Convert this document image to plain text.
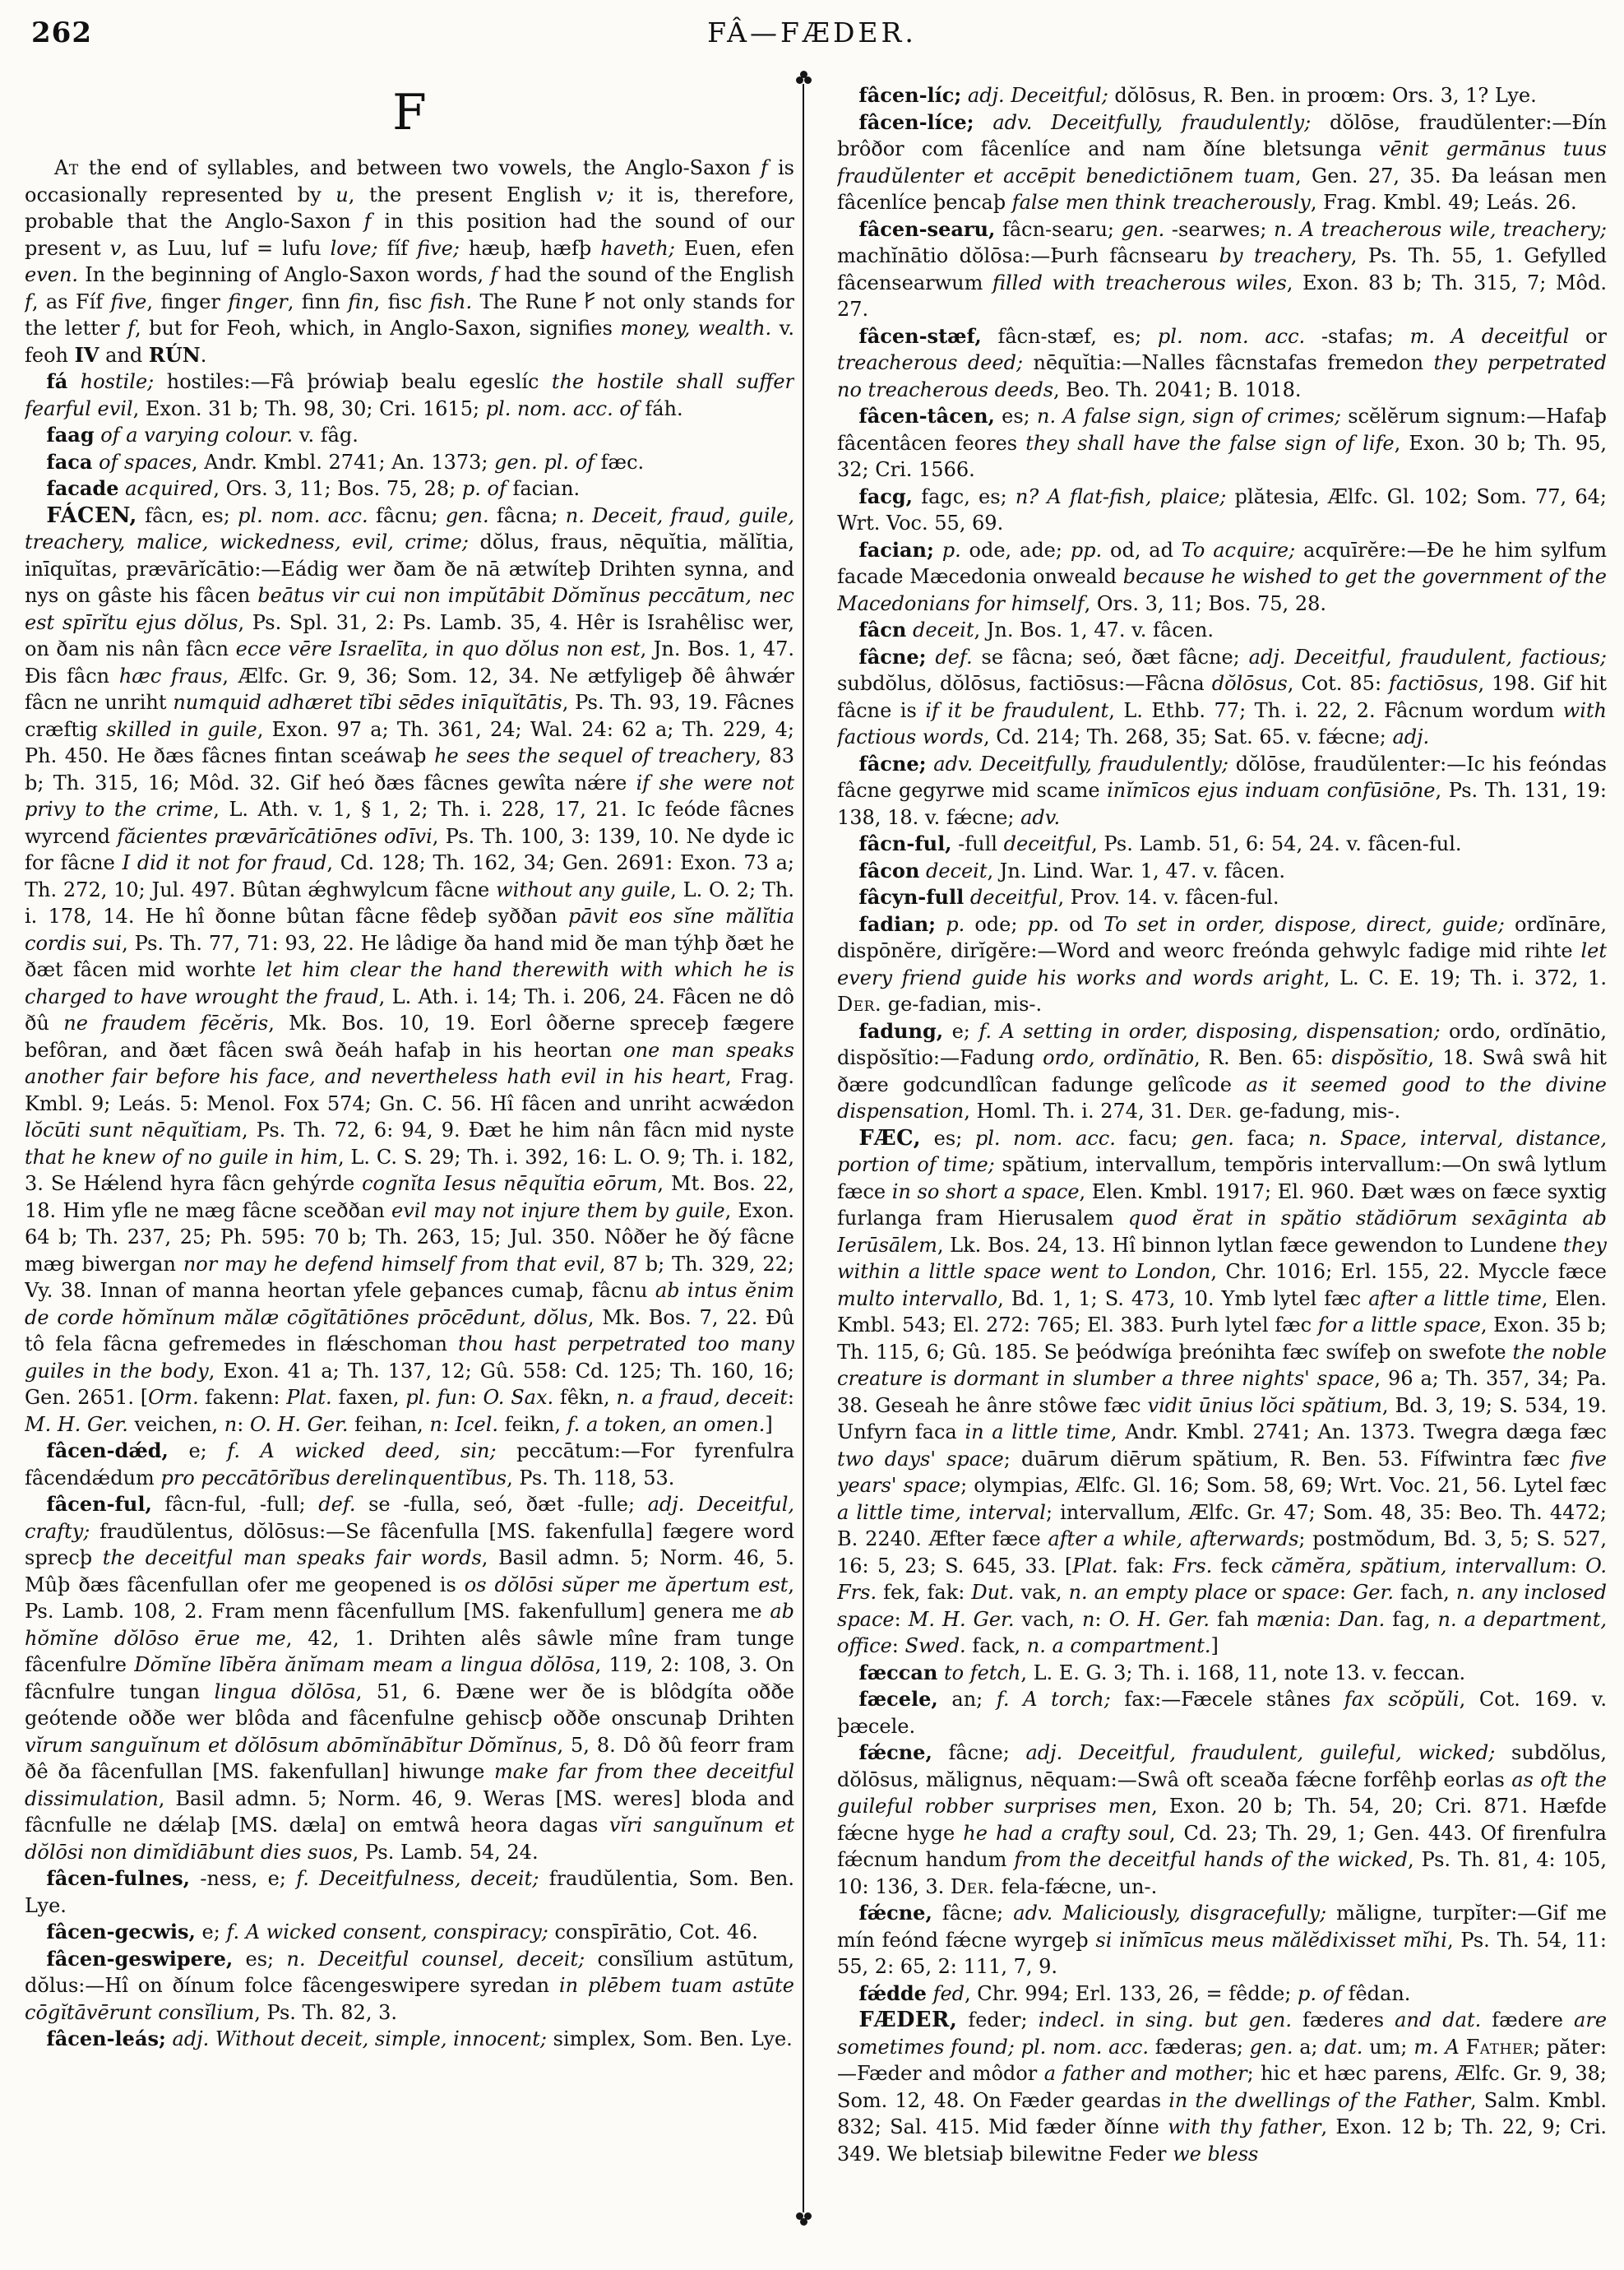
262	FÂ—FÆDER.
F

At the end of syllables, and between two vowels, the Anglo-Saxon f is occasionally represented by u, the present English v; it is, therefore, probable that the Anglo-Saxon f in this position had the sound of our present v, as Luu, luf = lufu love; fíf five; hæuþ, hæfþ haveth; Euen, efen even. In the beginning of Anglo-Saxon words, f had the sound of the English f, as Fíf five, finger finger, finn fin, fisc fish. The Rune  not only stands for the letter f, but for Feoh, which, in Anglo-Saxon, signifies money, wealth. v. feoh IV and RÚN.

fá hostile; hostiles:—Fâ þrówiaþ bealu egeslíc the hostile shall suffer fearful evil, Exon. 31 b; Th. 98, 30; Cri. 1615; pl. nom. acc. of fáh.

faag of a varying colour. v. fâg.

faca of spaces, Andr. Kmbl. 2741; An. 1373; gen. pl. of fæc.

facade acquired, Ors. 3, 11; Bos. 75, 28; p. of facian.

FÁCEN, fâcn, es; pl. nom. acc. fâcnu; gen. fâcna; n. Deceit, fraud, guile, treachery, malice, wickedness, evil, crime; dŏlus, fraus, nēquĭtia, mălĭtia, inīquĭtas, prævārĭcātio:—Eádig wer ðam ðe nā ætwíteþ Drihten synna, and nys on gâste his fâcen beātus vir cui non impŭtābit Dŏmĭnus peccātum, nec est spīrĭtu ejus dŏlus, Ps. Spl. 31, 2: Ps. Lamb. 35, 4. Hêr is Israhêlisc wer, on ðam nis nân fâcn ecce vēre Israelīta, in quo dŏlus non est, Jn. Bos. 1, 47. Ðis fâcn hæc fraus, Ælfc. Gr. 9, 36; Som. 12, 34. Ne ætfyligeþ ðê âhwǽr fâcn ne unriht numquid adhæret tĭbi sēdes inīquĭtātis, Ps. Th. 93, 19. Fâcnes cræftig skilled in guile, Exon. 97 a; Th. 361, 24; Wal. 24: 62 a; Th. 229, 4; Ph. 450. He ðæs fâcnes fintan sceáwaþ he sees the sequel of treachery, 83 b; Th. 315, 16; Môd. 32. Gif heó ðæs fâcnes gewîta nǽre if she were not privy to the crime, L. Ath. v. 1, § 1, 2; Th. i. 228, 17, 21. Ic feóde fâcnes wyrcend făcientes prævārĭcātiōnes odīvi, Ps. Th. 100, 3: 139, 10. Ne dyde ic for fâcne I did it not for fraud, Cd. 128; Th. 162, 34; Gen. 2691: Exon. 73 a; Th. 272, 10; Jul. 497. Bûtan ǽghwylcum fâcne without any guile, L. O. 2; Th. i. 178, 14. He hî ðonne bûtan fâcne fêdeþ syððan pāvit eos sĭne mălĭtia cordis sui, Ps. Th. 77, 71: 93, 22. He lâdige ða hand mid ðe man týhþ ðæt he ðæt fâcen mid worhte let him clear the hand therewith with which he is charged to have wrought the fraud, L. Ath. i. 14; Th. i. 206, 24. Fâcen ne dô ðû ne fraudem fēcĕris, Mk. Bos. 10, 19. Eorl ôðerne spreceþ fægere befôran, and ðæt fâcen swâ ðeáh hafaþ in his heortan one man speaks another fair before his face, and nevertheless hath evil in his heart, Frag. Kmbl. 9; Leás. 5: Menol. Fox 574; Gn. C. 56. Hî fâcen and unriht acwǽdon lŏcūti sunt nēquĭtiam, Ps. Th. 72, 6: 94, 9. Ðæt he him nân fâcn mid nyste that he knew of no guile in him, L. C. S. 29; Th. i. 392, 16: L. O. 9; Th. i. 182, 3. Se Hǽlend hyra fâcn gehýrde cognĭta Iesus nēquĭtia eōrum, Mt. Bos. 22, 18. Him yfle ne mæg fâcne sceððan evil may not injure them by guile, Exon. 64 b; Th. 237, 25; Ph. 595: 70 b; Th. 263, 15; Jul. 350. Nôðer he ðý fâcne mæg biwergan nor may he defend himself from that evil, 87 b; Th. 329, 22; Vy. 38. Innan of manna heortan yfele geþances cumaþ, fâcnu ab intus ĕnim de corde hŏmĭnum mălæ cōgĭtātiōnes prōcēdunt, dŏlus, Mk. Bos. 7, 22. Ðû tô fela fâcna gefremedes in flǽschoman thou hast perpetrated too many guiles in the body, Exon. 41 a; Th. 137, 12; Gû. 558: Cd. 125; Th. 160, 16; Gen. 2651. [Orm. fakenn: Plat. faxen, pl. fun: O. Sax. fêkn, n. a fraud, deceit: M. H. Ger. veichen, n: O. H. Ger. feihan, n: Icel. feikn, f. a token, an omen.]

fâcen-dǽd, e; f. A wicked deed, sin; peccātum:—For fyrenfulra fâcendǽdum pro peccātōrĭbus derelinquentĭbus, Ps. Th. 118, 53.

fâcen-ful, fâcn-ful, -full; def. se -fulla, seó, ðæt -fulle; adj. Deceitful, crafty; fraudŭlentus, dŏlōsus:—Se fâcenfulla [MS. fakenfulla] fægere word sprecþ the deceitful man speaks fair words, Basil admn. 5; Norm. 46, 5. Mûþ ðæs fâcenfullan ofer me geopened is os dŏlōsi sŭper me ăpertum est, Ps. Lamb. 108, 2. Fram menn fâcenfullum [MS. fakenfullum] genera me ab hŏmĭne dŏlōso ērue me, 42, 1. Drihten alês sâwle mîne fram tunge fâcenfulre Dŏmĭne lībĕra ănĭmam meam a lingua dŏlōsa, 119, 2: 108, 3. On fâcnfulre tungan lingua dŏlōsa, 51, 6. Ðæne wer ðe is blôdgíta oððe geótende oððe wer blôda and fâcenfulne gehiscþ oððe onscunaþ Drihten vĭrum sanguĭnum et dŏlōsum abōmĭnābĭtur Dŏmĭnus, 5, 8. Dô ðû feorr fram ðê ða fâcenfullan [MS. fakenfullan] hiwunge make far from thee deceitful dissimulation, Basil admn. 5; Norm. 46, 9. Weras [MS. weres] bloda and fâcnfulle ne dǽlaþ [MS. dæla] on emtwâ heora dagas vĭri sanguĭnum et dŏlōsi non dimĭdiābunt dies suos, Ps. Lamb. 54, 24.

fâcen-fulnes, -ness, e; f. Deceitfulness, deceit; fraudŭlentia, Som. Ben. Lye.

fâcen-gecwis, e; f. A wicked consent, conspiracy; conspīrātio, Cot. 46.

fâcen-geswipere, es; n. Deceitful counsel, deceit; consĭlium astūtum, dŏlus:—Hî on ðínum folce fâcengeswipere syredan in plēbem tuam astūte cōgĭtāvērunt consĭlium, Ps. Th. 82, 3.

fâcen-leás; adj. Without deceit, simple, innocent; simplex, Som. Ben. Lye.

fâcen-líc; adj. Deceitful; dŏlōsus, R. Ben. in proœm: Ors. 3, 1? Lye.

fâcen-líce; adv. Deceitfully, fraudulently; dŏlōse, fraudŭlenter:—Ðín brôðor com fâcenlíce and nam ðíne bletsunga vēnit germānus tuus fraudŭlenter et accēpit benedictiōnem tuam, Gen. 27, 35. Ða leásan men fâcenlíce þencaþ false men think treacherously, Frag. Kmbl. 49; Leás. 26.

fâcen-searu, fâcn-searu; gen. -searwes; n. A treacherous wile, treachery; machĭnātio dŏlōsa:—Þurh fâcnsearu by treachery, Ps. Th. 55, 1. Gefylled fâcensearwum filled with treacherous wiles, Exon. 83 b; Th. 315, 7; Môd. 27.

fâcen-stæf, fâcn-stæf, es; pl. nom. acc. -stafas; m. A deceitful or treacherous deed; nēquĭtia:—Nalles fâcnstafas fremedon they perpetrated no treacherous deeds, Beo. Th. 2041; B. 1018.

fâcen-tâcen, es; n. A false sign, sign of crimes; scĕlĕrum signum:—Hafaþ fâcentâcen feores they shall have the false sign of life, Exon. 30 b; Th. 95, 32; Cri. 1566.

facg, fagc, es; n? A flat-fish, plaice; plătesia, Ælfc. Gl. 102; Som. 77, 64; Wrt. Voc. 55, 69.

facian; p. ode, ade; pp. od, ad To acquire; acquīrĕre:—Ðe he him sylfum facade Mæcedonia onweald because he wished to get the government of the Macedonians for himself, Ors. 3, 11; Bos. 75, 28.

fâcn deceit, Jn. Bos. 1, 47. v. fâcen.

fâcne; def. se fâcna; seó, ðæt fâcne; adj. Deceitful, fraudulent, factious; subdŏlus, dŏlōsus, factiōsus:—Fâcna dŏlōsus, Cot. 85: factiōsus, 198. Gif hit fâcne is if it be fraudulent, L. Ethb. 77; Th. i. 22, 2. Fâcnum wordum with factious words, Cd. 214; Th. 268, 35; Sat. 65. v. fǽcne; adj.

fâcne; adv. Deceitfully, fraudulently; dŏlōse, fraudŭlenter:—Ic his feóndas fâcne gegyrwe mid scame inĭmīcos ejus induam confūsiōne, Ps. Th. 131, 19: 138, 18. v. fǽcne; adv.

fâcn-ful, -full deceitful, Ps. Lamb. 51, 6: 54, 24. v. fâcen-ful.

fâcon deceit, Jn. Lind. War. 1, 47. v. fâcen.

fâcyn-full deceitful, Prov. 14. v. fâcen-ful.

fadian; p. ode; pp. od To set in order, dispose, direct, guide; ordĭnāre, dispōnĕre, dirĭgĕre:—Word and weorc freónda gehwylc fadige mid rihte let every friend guide his works and words aright, L. C. E. 19; Th. i. 372, 1. Der. ge-fadian, mis-.

fadung, e; f. A setting in order, disposing, dispensation; ordo, ordĭnātio, dispŏsĭtio:—Fadung ordo, ordĭnātio, R. Ben. 65: dispŏsĭtio, 18. Swâ swâ hit ðære godcundlîcan fadunge gelîcode as it seemed good to the divine dispensation, Homl. Th. i. 274, 31. Der. ge-fadung, mis-.

FÆC, es; pl. nom. acc. facu; gen. faca; n. Space, interval, distance, portion of time; spătium, intervallum, tempŏris intervallum:—On swâ lytlum fæce in so short a space, Elen. Kmbl. 1917; El. 960. Ðæt wæs on fæce syxtig furlanga fram Hierusalem quod ĕrat in spătio stădiōrum sexāginta ab Ierūsālem, Lk. Bos. 24, 13. Hî binnon lytlan fæce gewendon to Lundene they within a little space went to London, Chr. 1016; Erl. 155, 22. Myccle fæce multo intervallo, Bd. 1, 1; S. 473, 10. Ymb lytel fæc after a little time, Elen. Kmbl. 543; El. 272: 765; El. 383. Þurh lytel fæc for a little space, Exon. 35 b; Th. 115, 6; Gû. 185. Se þeódwíga þreónihta fæc swífeþ on swefote the noble creature is dormant in slumber a three nights' space, 96 a; Th. 357, 34; Pa. 38. Geseah he ânre stôwe fæc vidit ūnius lŏci spătium, Bd. 3, 19; S. 534, 19. Unfyrn faca in a little time, Andr. Kmbl. 2741; An. 1373. Twegra dæga fæc two days' space; duārum diērum spătium, R. Ben. 53. Fífwintra fæc five years' space; olympias, Ælfc. Gl. 16; Som. 58, 69; Wrt. Voc. 21, 56. Lytel fæc a little time, interval; intervallum, Ælfc. Gr. 47; Som. 48, 35: Beo. Th. 4472; B. 2240. Æfter fæce after a while, afterwards; postmŏdum, Bd. 3, 5; S. 527, 16: 5, 23; S. 645, 33. [Plat. fak: Frs. feck cămĕra, spătium, intervallum: O. Frs. fek, fak: Dut. vak, n. an empty place or space: Ger. fach, n. any inclosed space: M. H. Ger. vach, n: O. H. Ger. fah mænia: Dan. fag, n. a department, office: Swed. fack, n. a compartment.]

fæccan to fetch, L. E. G. 3; Th. i. 168, 11, note 13. v. feccan.

fæcele, an; f. A torch; fax:—Fæcele stânes fax scŏpŭli, Cot. 169. v. þæcele.

fǽcne, fâcne; adj. Deceitful, fraudulent, guileful, wicked; subdŏlus, dŏlōsus, mălignus, nēquam:—Swâ oft sceaða fǽcne forfêhþ eorlas as oft the guileful robber surprises men, Exon. 20 b; Th. 54, 20; Cri. 871. Hæfde fǽcne hyge he had a crafty soul, Cd. 23; Th. 29, 1; Gen. 443. Of firenfulra fǽcnum handum from the deceitful hands of the wicked, Ps. Th. 81, 4: 105, 10: 136, 3. Der. fela-fǽcne, un-.

fǽcne, fâcne; adv. Maliciously, disgracefully; măligne, turpĭter:—Gif me mín feónd fǽcne wyrgeþ si inĭmīcus meus mălĕdixisset mĭhi, Ps. Th. 54, 11: 55, 2: 65, 2: 111, 7, 9.

fǽdde fed, Chr. 994; Erl. 133, 26, = fêdde; p. of fêdan.

FÆDER, feder; indecl. in sing. but gen. fæderes and dat. fædere are sometimes found; pl. nom. acc. fæderas; gen. a; dat. um; m. A Father; păter:—Fæder and môdor a father and mother; hic et hæc parens, Ælfc. Gr. 9, 38; Som. 12, 48. On Fæder geardas in the dwellings of the Father, Salm. Kmbl. 832; Sal. 415. Mid fæder ðínne with thy father, Exon. 12 b; Th. 22, 9; Cri. 349. We bletsiaþ bilewitne Feder we bless
